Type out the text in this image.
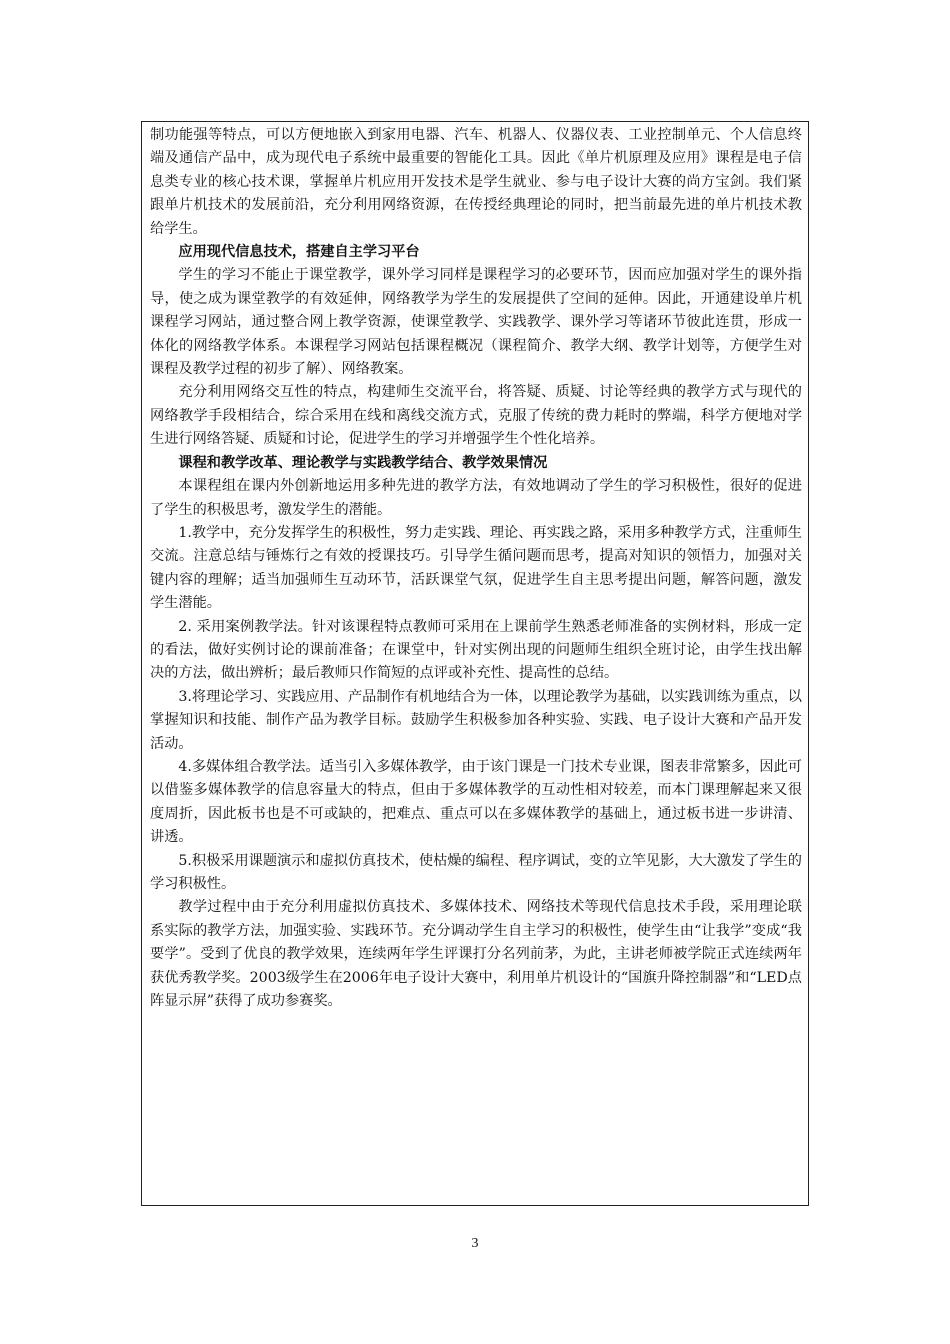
制功能强等特点，可以方便地嵌入到家用电器、汽车、机器人、仪器仪表、工业控制单元、个人信息终端及通信产品中，成为现代电子系统中最重要的智能化工具。因此《单片机原理及应用》课程是电子信息类专业的核心技术课，掌握单片机应用开发技术是学生就业、参与电子设计大赛的尚方宝剑。我们紧跟单片机技术的发展前沿，充分利用网络资源，在传授经典理论的同时，把当前最先进的单片机技术教给学生。

应用现代信息技术，搭建自主学习平台

学生的学习不能止于课堂教学，课外学习同样是课程学习的必要环节，因而应加强对学生的课外指导，使之成为课堂教学的有效延伸，网络教学为学生的发展提供了空间的延伸。因此，开通建设单片机课程学习网站，通过整合网上教学资源，使课堂教学、实践教学、课外学习等诸环节彼此连贯，形成一体化的网络教学体系。本课程学习网站包括课程概况（课程简介、教学大纲、教学计划等，方便学生对课程及教学过程的初步了解）、网络教案。

充分利用网络交互性的特点，构建师生交流平台，将答疑、质疑、讨论等经典的教学方式与现代的网络教学手段相结合，综合采用在线和离线交流方式，克服了传统的费力耗时的弊端，科学方便地对学生进行网络答疑、质疑和讨论，促进学生的学习并增强学生个性化培养。

课程和教学改革、理论教学与实践教学结合、教学效果情况

本课程组在课内外创新地运用多种先进的教学方法，有效地调动了学生的学习积极性，很好的促进了学生的积极思考，激发学生的潜能。

1.教学中，充分发挥学生的积极性，努力走实践、理论、再实践之路，采用多种教学方式，注重师生交流。注意总结与锤炼行之有效的授课技巧。引导学生循问题而思考，提高对知识的领悟力，加强对关键内容的理解；适当加强师生互动环节，活跃课堂气氛，促进学生自主思考提出问题，解答问题，激发学生潜能。

2. 采用案例教学法。针对该课程特点教师可采用在上课前学生熟悉老师准备的实例材料，形成一定的看法，做好实例讨论的课前准备；在课堂中，针对实例出现的问题师生组织全班讨论，由学生找出解决的方法，做出辨析；最后教师只作简短的点评或补充性、提高性的总结。

3.将理论学习、实践应用、产品制作有机地结合为一体，以理论教学为基础，以实践训练为重点，以掌握知识和技能、制作产品为教学目标。鼓励学生积极参加各种实验、实践、电子设计大赛和产品开发活动。

4.多媒体组合教学法。适当引入多媒体教学，由于该门课是一门技术专业课，图表非常繁多，因此可以借鉴多媒体教学的信息容量大的特点，但由于多媒体教学的互动性相对较差，而本门课理解起来又很度周折，因此板书也是不可或缺的，把难点、重点可以在多媒体教学的基础上，通过板书进一步讲清、讲透。

5.积极采用课题演示和虚拟仿真技术，使枯燥的编程、程序调试，变的立竿见影，大大激发了学生的学习积极性。

教学过程中由于充分利用虚拟仿真技术、多媒体技术、网络技术等现代信息技术手段，采用理论联系实际的教学方法，加强实验、实践环节。充分调动学生自主学习的积极性，使学生由“让我学”变成“我要学”。受到了优良的教学效果，连续两年学生评课打分名列前茅，为此，主讲老师被学院正式连续两年获优秀教学奖。2003级学生在2006年电子设计大赛中，利用单片机设计的“国旗升降控制器”和“LED点阵显示屏”获得了成功参赛奖。

3
